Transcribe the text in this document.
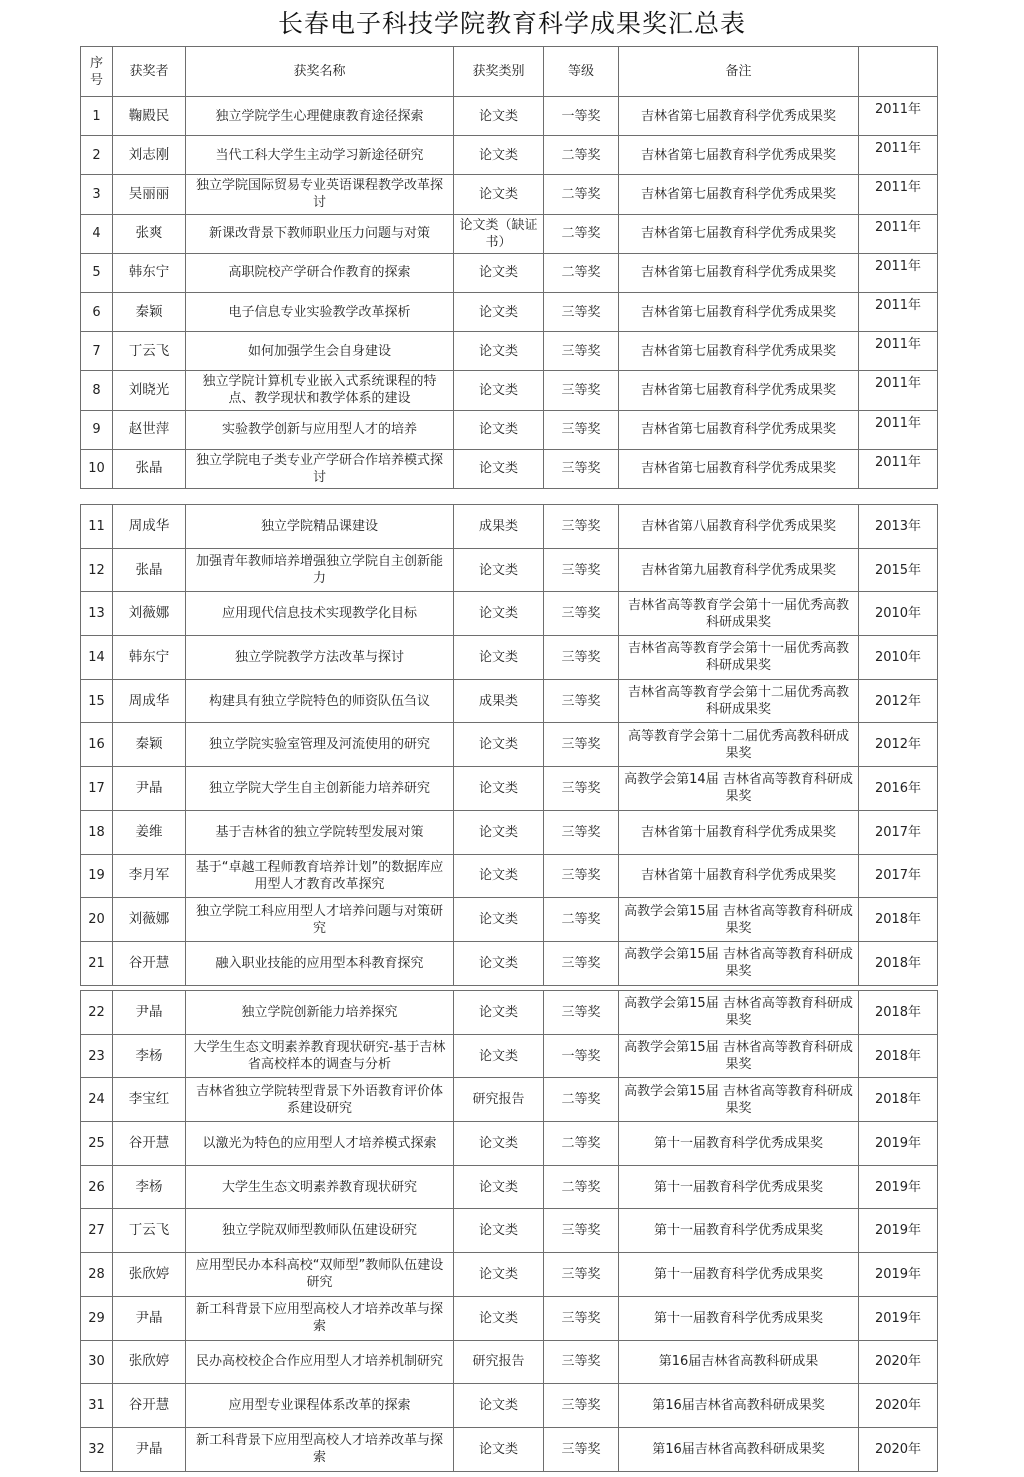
长春电子科技学院教育科学成果奖汇总表
序号	获奖者	获奖名称	获奖类别	等级	备注	
1	鞠殿民	独立学院学生心理健康教育途径探索	论文类	一等奖	吉林省第七届教育科学优秀成果奖	2011年
2	刘志刚	当代工科大学生主动学习新途径研究	论文类	二等奖	吉林省第七届教育科学优秀成果奖	2011年
3	吴丽丽	独立学院国际贸易专业英语课程教学改革探讨	论文类	二等奖	吉林省第七届教育科学优秀成果奖	2011年
4	张爽	新课改背景下教师职业压力问题与对策	论文类（缺证书）	二等奖	吉林省第七届教育科学优秀成果奖	2011年
5	韩东宁	高职院校产学研合作教育的探索	论文类	二等奖	吉林省第七届教育科学优秀成果奖	2011年
6	秦颖	电子信息专业实验教学改革探析	论文类	三等奖	吉林省第七届教育科学优秀成果奖	2011年
7	丁云飞	如何加强学生会自身建设	论文类	三等奖	吉林省第七届教育科学优秀成果奖	2011年
8	刘晓光	独立学院计算机专业嵌入式系统课程的特点、教学现状和教学体系的建设	论文类	三等奖	吉林省第七届教育科学优秀成果奖	2011年
9	赵世萍	实验教学创新与应用型人才的培养	论文类	三等奖	吉林省第七届教育科学优秀成果奖	2011年
10	张晶	独立学院电子类专业产学研合作培养模式探讨	论文类	三等奖	吉林省第七届教育科学优秀成果奖	2011年
11	周成华	独立学院精品课建设	成果类	三等奖	吉林省第八届教育科学优秀成果奖	2013年
12	张晶	加强青年教师培养增强独立学院自主创新能力	论文类	三等奖	吉林省第九届教育科学优秀成果奖	2015年
13	刘薇娜	应用现代信息技术实现教学化目标	论文类	三等奖	吉林省高等教育学会第十一届优秀高教科研成果奖	2010年
14	韩东宁	独立学院教学方法改革与探讨	论文类	三等奖	吉林省高等教育学会第十一届优秀高教科研成果奖	2010年
15	周成华	构建具有独立学院特色的师资队伍刍议	成果类	三等奖	吉林省高等教育学会第十二届优秀高教科研成果奖	2012年
16	秦颖	独立学院实验室管理及河流使用的研究	论文类	三等奖	高等教育学会第十二届优秀高教科研成果奖	2012年
17	尹晶	独立学院大学生自主创新能力培养研究	论文类	三等奖	高教学会第14届 吉林省高等教育科研成果奖	2016年
18	姜维	基于吉林省的独立学院转型发展对策	论文类	三等奖	吉林省第十届教育科学优秀成果奖	2017年
19	李月军	基于“卓越工程师教育培养计划”的数据库应用型人才教育改革探究	论文类	三等奖	吉林省第十届教育科学优秀成果奖	2017年
20	刘薇娜	独立学院工科应用型人才培养问题与对策研究	论文类	二等奖	高教学会第15届 吉林省高等教育科研成果奖	2018年
21	谷开慧	融入职业技能的应用型本科教育探究	论文类	三等奖	高教学会第15届 吉林省高等教育科研成果奖	2018年
22	尹晶	独立学院创新能力培养探究	论文类	三等奖	高教学会第15届 吉林省高等教育科研成果奖	2018年
23	李杨	大学生生态文明素养教育现状研究-基于吉林省高校样本的调查与分析	论文类	一等奖	高教学会第15届 吉林省高等教育科研成果奖	2018年
24	李宝红	吉林省独立学院转型背景下外语教育评价体系建设研究	研究报告	二等奖	高教学会第15届 吉林省高等教育科研成果奖	2018年
25	谷开慧	以激光为特色的应用型人才培养模式探索	论文类	二等奖	第十一届教育科学优秀成果奖	2019年
26	李杨	大学生生态文明素养教育现状研究	论文类	二等奖	第十一届教育科学优秀成果奖	2019年
27	丁云飞	独立学院双师型教师队伍建设研究	论文类	三等奖	第十一届教育科学优秀成果奖	2019年
28	张欣婷	应用型民办本科高校“双师型”教师队伍建设研究	论文类	三等奖	第十一届教育科学优秀成果奖	2019年
29	尹晶	新工科背景下应用型高校人才培养改革与探索	论文类	三等奖	第十一届教育科学优秀成果奖	2019年
30	张欣婷	民办高校校企合作应用型人才培养机制研究	研究报告	三等奖	第16届吉林省高教科研成果	2020年
31	谷开慧	应用型专业课程体系改革的探索	论文类	三等奖	第16届吉林省高教科研成果奖	2020年
32	尹晶	新工科背景下应用型高校人才培养改革与探索	论文类	三等奖	第16届吉林省高教科研成果奖	2020年
